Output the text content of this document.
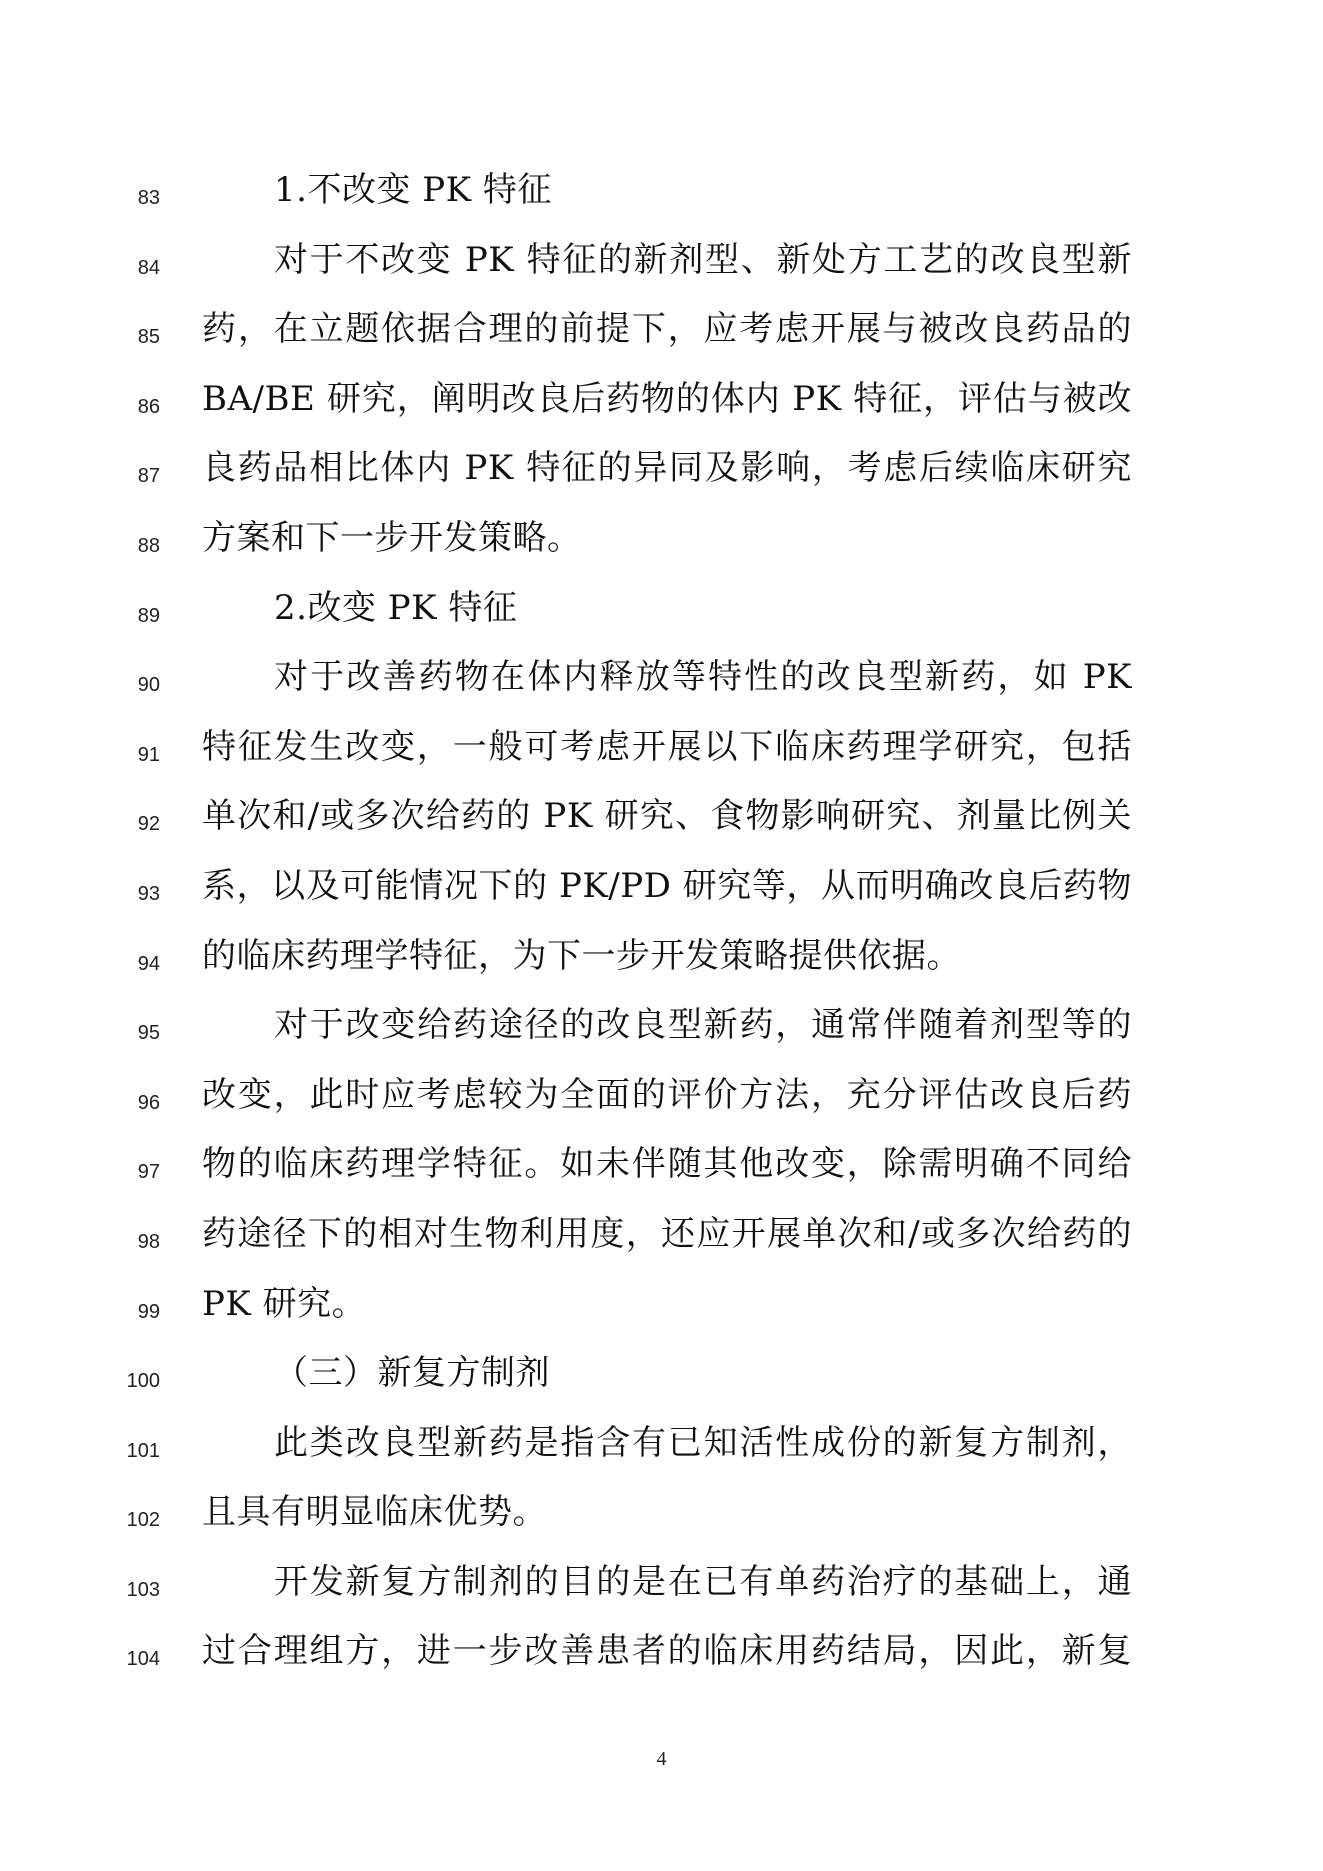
83	1.不改变 PK 特征
84	对于不改变 PK 特征的新剂型、新处方工艺的改良型新
85 药，在立题依据合理的前提下，应考虑开展与被改良药品的
86 BA/BE 研究，阐明改良后药物的体内 PK 特征，评估与被改
87 良药品相比体内 PK 特征的异同及影响，考虑后续临床研究
88 方案和下一步开发策略。
89	2.改变 PK 特征
90	对于改善药物在体内释放等特性的改良型新药，如 PK
91 特征发生改变，一般可考虑开展以下临床药理学研究，包括
92 单次和/或多次给药的 PK 研究、食物影响研究、剂量比例关
93 系，以及可能情况下的 PK/PD 研究等，从而明确改良后药物
94 的临床药理学特征，为下一步开发策略提供依据。
95	对于改变给药途径的改良型新药，通常伴随着剂型等的
96 改变，此时应考虑较为全面的评价方法，充分评估改良后药
97 物的临床药理学特征。如未伴随其他改变，除需明确不同给
98 药途径下的相对生物利用度，还应开展单次和/或多次给药的
99 PK 研究。
100	（三）新复方制剂
101	此类改良型新药是指含有已知活性成份的新复方制剂，
102 且具有明显临床优势。
103	开发新复方制剂的目的是在已有单药治疗的基础上，通
104 过合理组方，进一步改善患者的临床用药结局，因此，新复
4
